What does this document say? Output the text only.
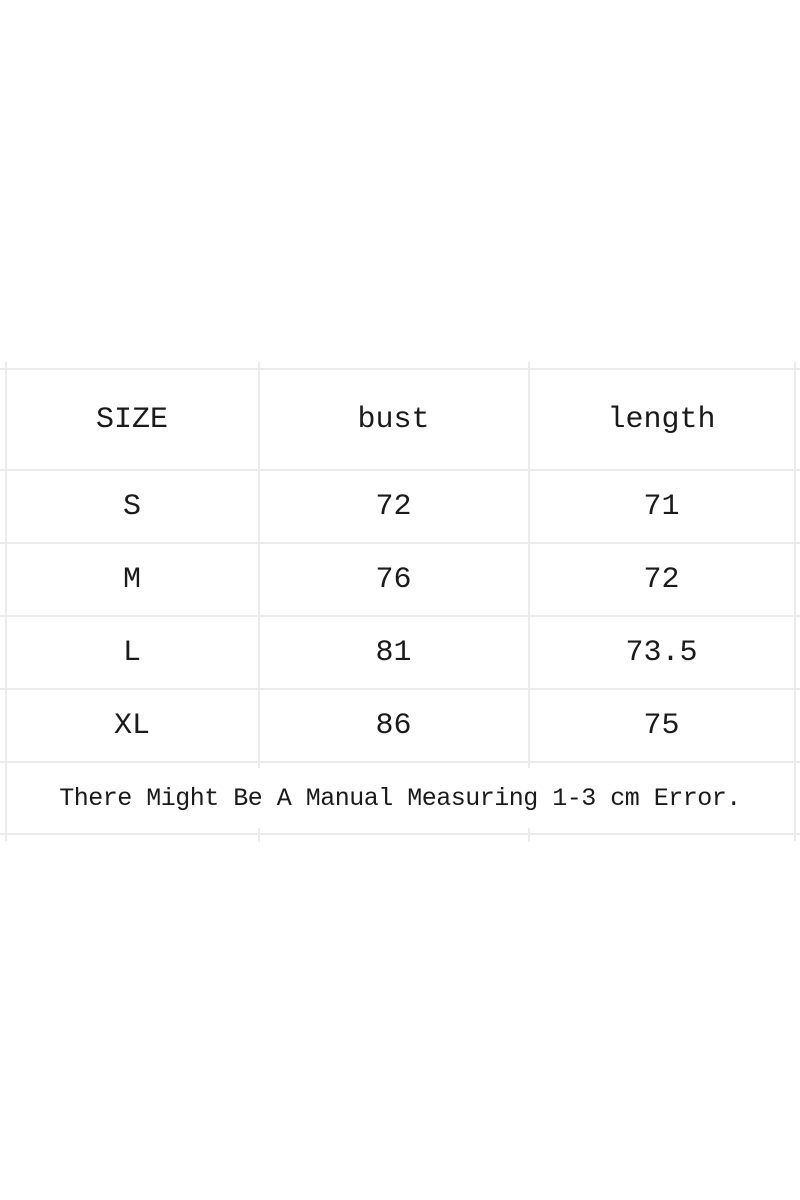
SIZE	bust	length
S	72	71
M	76	72
L	81	73.5
XL	86	75
There Might Be A Manual Measuring 1-3 cm Error.
